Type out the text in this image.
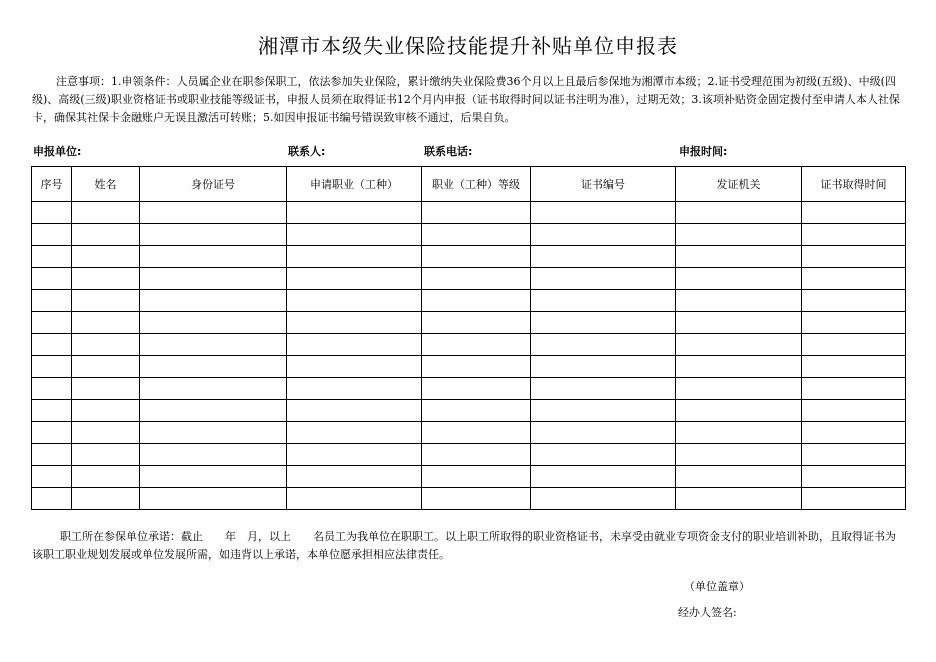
湘潭市本级失业保险技能提升补贴单位申报表
注意事项：1.申领条件：人员属企业在职参保职工，依法参加失业保险，累计缴纳失业保险费36个月以上且最后参保地为湘潭市本级；2.证书受理范围为初级(五级)、中级(四级)、高级(三级)职业资格证书或职业技能等级证书，申报人员须在取得证书12个月内申报（证书取得时间以证书注明为准），过期无效；3.该项补贴资金固定拨付至申请人本人社保卡，确保其社保卡金融账户无误且激活可转账；5.如因申报证书编号错误致审核不通过，后果自负。
申报单位:	联系人:	联系电话:	申报时间:
序号	姓名	身份证号	申请职业（工种）	职业（工种）等级	证书编号	发证机关	证书取得时间

职工所在参保单位承诺：截止　　年　月，以上　　名员工为我单位在职职工。以上职工所取得的职业资格证书，未享受由就业专项资金支付的职业培训补助，且取得证书为该职工职业规划发展或单位发展所需，如违背以上承诺，本单位愿承担相应法律责任。
（单位盖章）
经办人签名:
